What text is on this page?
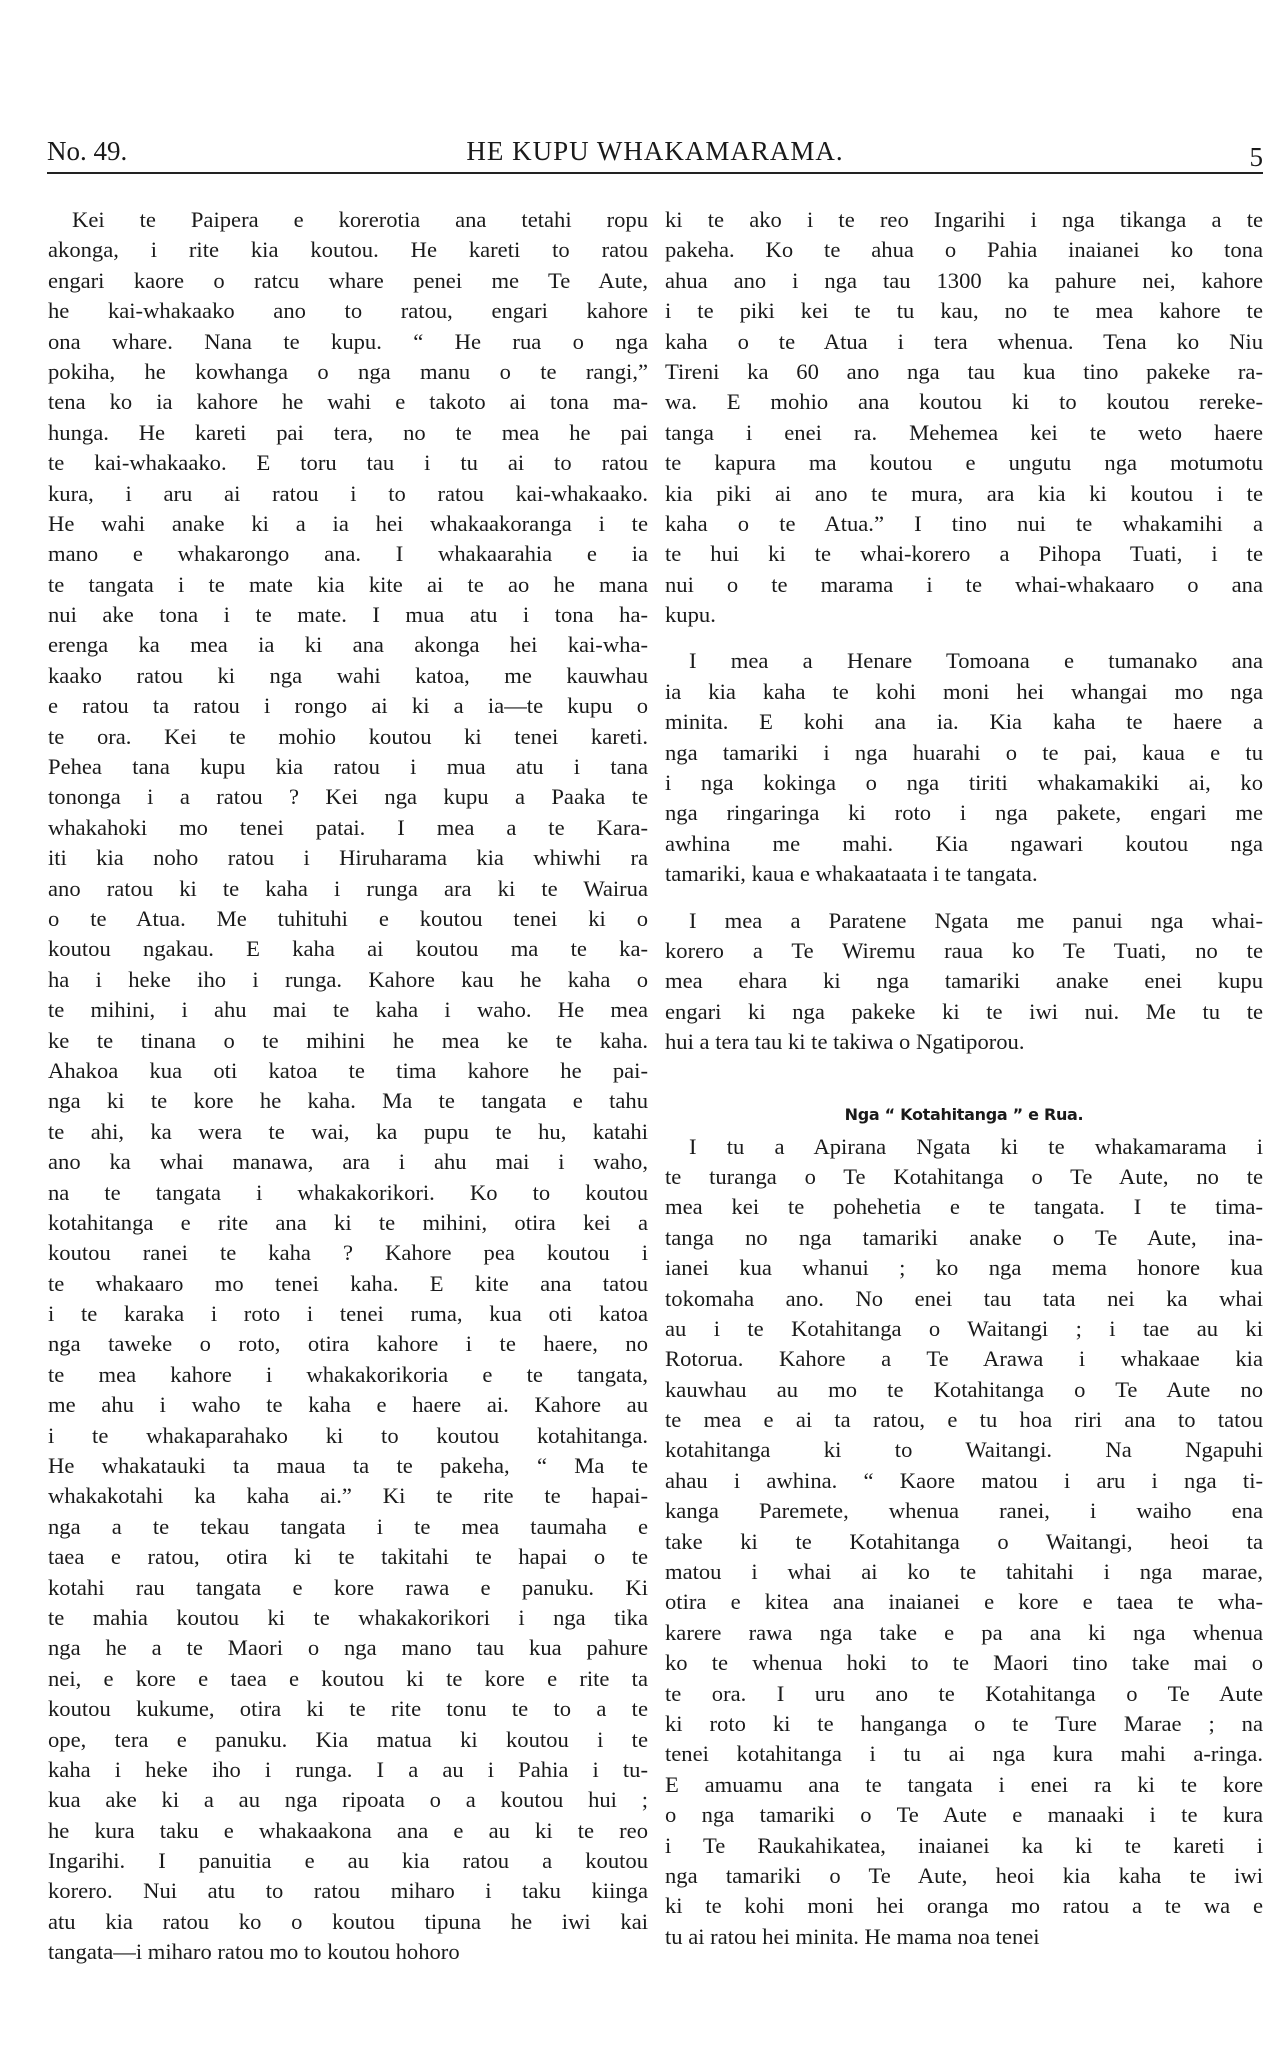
No. 49.	HE KUPU WHAKAMARAMA.	5
Kei te Paipera e korerotia ana tetahi ropu
akonga, i rite kia koutou. He kareti to ratou
engari kaore o ratcu whare penei me Te Aute,
he kai-whakaako ano to ratou, engari kahore
ona whare. Nana te kupu. “ He rua o nga
pokiha, he kowhanga o nga manu o te rangi,”
tena ko ia kahore he wahi e takoto ai tona ma-
hunga. He kareti pai tera, no te mea he pai
te kai-whakaako. E toru tau i tu ai to ratou
kura, i aru ai ratou i to ratou kai-whakaako.
He wahi anake ki a ia hei whakaakoranga i te
mano e whakarongo ana. I whakaarahia e ia
te tangata i te mate kia kite ai te ao he mana
nui ake tona i te mate. I mua atu i tona ha-
erenga ka mea ia ki ana akonga hei kai-wha-
kaako ratou ki nga wahi katoa, me kauwhau
e ratou ta ratou i rongo ai ki a ia—te kupu o
te ora. Kei te mohio koutou ki tenei kareti.
Pehea tana kupu kia ratou i mua atu i tana
tononga i a ratou ? Kei nga kupu a Paaka te
whakahoki mo tenei patai. I mea a te Kara-
iti kia noho ratou i Hiruharama kia whiwhi ra
ano ratou ki te kaha i runga ara ki te Wairua
o te Atua. Me tuhituhi e koutou tenei ki o
koutou ngakau. E kaha ai koutou ma te ka-
ha i heke iho i runga. Kahore kau he kaha o
te mihini, i ahu mai te kaha i waho. He mea
ke te tinana o te mihini he mea ke te kaha.
Ahakoa kua oti katoa te tima kahore he pai-
nga ki te kore he kaha. Ma te tangata e tahu
te ahi, ka wera te wai, ka pupu te hu, katahi
ano ka whai manawa, ara i ahu mai i waho,
na te tangata i whakakorikori. Ko to koutou
kotahitanga e rite ana ki te mihini, otira kei a
koutou ranei te kaha ? Kahore pea koutou i
te whakaaro mo tenei kaha. E kite ana tatou
i te karaka i roto i tenei ruma, kua oti katoa
nga taweke o roto, otira kahore i te haere, no
te mea kahore i whakakorikoria e te tangata,
me ahu i waho te kaha e haere ai. Kahore au
i te whakaparahako ki to koutou kotahitanga.
He whakatauki ta maua ta te pakeha, “ Ma te
whakakotahi ka kaha ai.” Ki te rite te hapai-
nga a te tekau tangata i te mea taumaha e
taea e ratou, otira ki te takitahi te hapai o te
kotahi rau tangata e kore rawa e panuku. Ki
te mahia koutou ki te whakakorikori i nga tika
nga he a te Maori o nga mano tau kua pahure
nei, e kore e taea e koutou ki te kore e rite ta
koutou kukume, otira ki te rite tonu te to a te
ope, tera e panuku. Kia matua ki koutou i te
kaha i heke iho i runga. I a au i Pahia i tu-
kua ake ki a au nga ripoata o a koutou hui ;
he kura taku e whakaakona ana e au ki te reo
Ingarihi. I panuitia e au kia ratou a koutou
korero. Nui atu to ratou miharo i taku kiinga
atu kia ratou ko o koutou tipuna he iwi kai
tangata—i miharo ratou mo to koutou hohoro
ki te ako i te reo Ingarihi i nga tikanga a te
pakeha. Ko te ahua o Pahia inaianei ko tona
ahua ano i nga tau 1300 ka pahure nei, kahore
i te piki kei te tu kau, no te mea kahore te
kaha o te Atua i tera whenua. Tena ko Niu
Tireni ka 60 ano nga tau kua tino pakeke ra-
wa. E mohio ana koutou ki to koutou rereke-
tanga i enei ra. Mehemea kei te weto haere
te kapura ma koutou e ungutu nga motumotu
kia piki ai ano te mura, ara kia ki koutou i te
kaha o te Atua.” I tino nui te whakamihi a
te hui ki te whai-korero a Pihopa Tuati, i te
nui o te marama i te whai-whakaaro o ana
kupu.
I mea a Henare Tomoana e tumanako ana
ia kia kaha te kohi moni hei whangai mo nga
minita. E kohi ana ia. Kia kaha te haere a
nga tamariki i nga huarahi o te pai, kaua e tu
i nga kokinga o nga tiriti whakamakiki ai, ko
nga ringaringa ki roto i nga pakete, engari me
awhina me mahi. Kia ngawari koutou nga
tamariki, kaua e whakaataata i te tangata.
I mea a Paratene Ngata me panui nga whai-
korero a Te Wiremu raua ko Te Tuati, no te
mea ehara ki nga tamariki anake enei kupu
engari ki nga pakeke ki te iwi nui. Me tu te
hui a tera tau ki te takiwa o Ngatiporou.
Nga “ Kotahitanga ” e Rua.
I tu a Apirana Ngata ki te whakamarama i
te turanga o Te Kotahitanga o Te Aute, no te
mea kei te pohehetia e te tangata. I te tima-
tanga no nga tamariki anake o Te Aute, ina-
ianei kua whanui ; ko nga mema honore kua
tokomaha ano. No enei tau tata nei ka whai
au i te Kotahitanga o Waitangi ; i tae au ki
Rotorua. Kahore a Te Arawa i whakaae kia
kauwhau au mo te Kotahitanga o Te Aute no
te mea e ai ta ratou, e tu hoa riri ana to tatou
kotahitanga ki to Waitangi. Na Ngapuhi
ahau i awhina. “ Kaore matou i aru i nga ti-
kanga Paremete, whenua ranei, i waiho ena
take ki te Kotahitanga o Waitangi, heoi ta
matou i whai ai ko te tahitahi i nga marae,
otira e kitea ana inaianei e kore e taea te wha-
karere rawa nga take e pa ana ki nga whenua
ko te whenua hoki to te Maori tino take mai o
te ora. I uru ano te Kotahitanga o Te Aute
ki roto ki te hanganga o te Ture Marae ; na
tenei kotahitanga i tu ai nga kura mahi a-ringa.
E amuamu ana te tangata i enei ra ki te kore
o nga tamariki o Te Aute e manaaki i te kura
i Te Raukahikatea, inaianei ka ki te kareti i
nga tamariki o Te Aute, heoi kia kaha te iwi
ki te kohi moni hei oranga mo ratou a te wa e
tu ai ratou hei minita. He mama noa tenei
